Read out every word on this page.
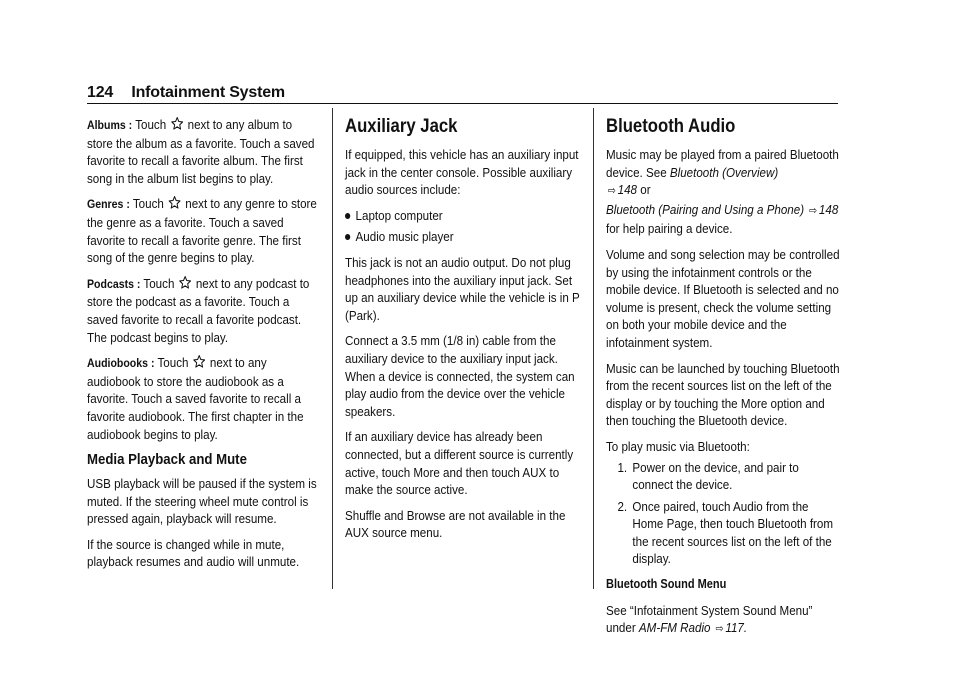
124 Infotainment System

Albums : Touch next to any album to store the album as a favorite. Touch a saved favorite to recall a favorite album. The first song in the album list begins to play.

Genres : Touch next to any genre to store the genre as a favorite. Touch a saved favorite to recall a favorite genre. The first song of the genre begins to play.

Podcasts : Touch next to any podcast to store the podcast as a favorite. Touch a saved favorite to recall a favorite podcast. The podcast begins to play.

Audiobooks : Touch next to any audiobook to store the audiobook as a favorite. Touch a saved favorite to recall a favorite audiobook. The first chapter in the audiobook begins to play.

Media Playback and Mute

USB playback will be paused if the system is muted. If the steering wheel mute control is pressed again, playback will resume.

If the source is changed while in mute, playback resumes and audio will unmute.

Auxiliary Jack

If equipped, this vehicle has an auxiliary input jack in the center console. Possible auxiliary audio sources include:

Laptop computer
Audio music player

This jack is not an audio output. Do not plug headphones into the auxiliary input jack. Set up an auxiliary device while the vehicle is in P (Park).

Connect a 3.5 mm (1/8 in) cable from the auxiliary device to the auxiliary input jack. When a device is connected, the system can play audio from the device over the vehicle speakers.

If an auxiliary device has already been connected, but a different source is currently active, touch More and then touch AUX to make the source active.

Shuffle and Browse are not available in the AUX source menu.

Bluetooth Audio

Music may be played from a paired Bluetooth device. See Bluetooth (Overview)
⇨ 148 or
Bluetooth (Pairing and Using a Phone) ⇨ 148
for help pairing a device.

Volume and song selection may be controlled by using the infotainment controls or the mobile device. If Bluetooth is selected and no volume is present, check the volume setting on both your mobile device and the infotainment system.

Music can be launched by touching Bluetooth from the recent sources list on the left of the display or by touching the More option and then touching the Bluetooth device.

To play music via Bluetooth:

1. Power on the device, and pair to connect the device.
2. Once paired, touch Audio from the Home Page, then touch Bluetooth from the recent sources list on the left of the display.

Bluetooth Sound Menu

See “Infotainment System Sound Menu” under AM-FM Radio ⇨ 117.
